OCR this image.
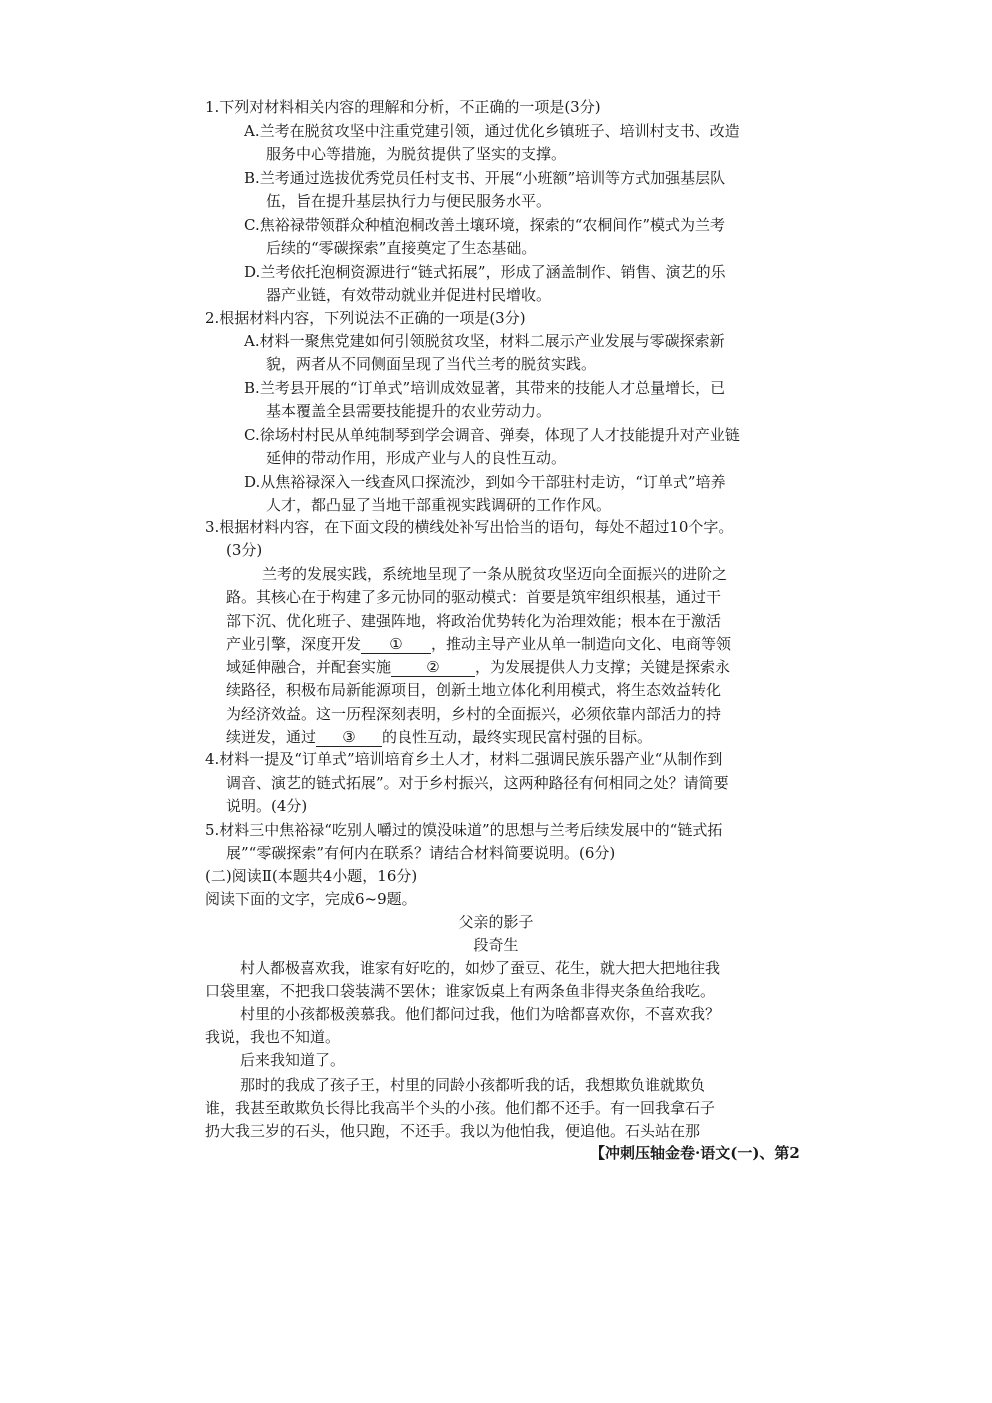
1.下列对材料相关内容的理解和分析，不正确的一项是(3分)
A.兰考在脱贫攻坚中注重党建引领，通过优化乡镇班子、培训村支书、改造
服务中心等措施，为脱贫提供了坚实的支撑。
B.兰考通过选拔优秀党员任村支书、开展“小班额”培训等方式加强基层队
伍，旨在提升基层执行力与便民服务水平。
C.焦裕禄带领群众种植泡桐改善土壤环境，探索的“农桐间作”模式为兰考
后续的“零碳探索”直接奠定了生态基础。
D.兰考依托泡桐资源进行“链式拓展”，形成了涵盖制作、销售、演艺的乐
器产业链，有效带动就业并促进村民增收。
2.根据材料内容，下列说法不正确的一项是(3分)
A.材料一聚焦党建如何引领脱贫攻坚，材料二展示产业发展与零碳探索新
貌，两者从不同侧面呈现了当代兰考的脱贫实践。
B.兰考县开展的“订单式”培训成效显著，其带来的技能人才总量增长，已
基本覆盖全县需要技能提升的农业劳动力。
C.徐场村村民从单纯制琴到学会调音、弹奏，体现了人才技能提升对产业链
延伸的带动作用，形成产业与人的良性互动。
D.从焦裕禄深入一线查风口探流沙，到如今干部驻村走访，“订单式”培养
人才，都凸显了当地干部重视实践调研的工作作风。
3.根据材料内容，在下面文段的横线处补写出恰当的语句，每处不超过10个字。
(3分)
兰考的发展实践，系统地呈现了一条从脱贫攻坚迈向全面振兴的进阶之
路。其核心在于构建了多元协同的驱动模式：首要是筑牢组织根基，通过干
部下沉、优化班子、建强阵地，将政治优势转化为治理效能；根本在于激活
产业引擎，深度开发 ① ，推动主导产业从单一制造向文化、电商等领
域延伸融合，并配套实施 ② ，为发展提供人力支撑；关键是探索永
续路径，积极布局新能源项目，创新土地立体化利用模式，将生态效益转化
为经济效益。这一历程深刻表明，乡村的全面振兴，必须依靠内部活力的持
续迸发，通过 ③ 的良性互动，最终实现民富村强的目标。
4.材料一提及“订单式”培训培育乡土人才，材料二强调民族乐器产业“从制作到
调音、演艺的链式拓展”。对于乡村振兴，这两种路径有何相同之处？请简要
说明。(4分)
5.材料三中焦裕禄“吃别人嚼过的馍没味道”的思想与兰考后续发展中的“链式拓
展”“零碳探索”有何内在联系？请结合材料简要说明。(6分)
(二)阅读Ⅱ(本题共4小题，16分)
阅读下面的文字，完成6~9题。
父亲的影子
段奇生
村人都极喜欢我，谁家有好吃的，如炒了蚕豆、花生，就大把大把地往我
口袋里塞，不把我口袋装满不罢休；谁家饭桌上有两条鱼非得夹条鱼给我吃。
村里的小孩都极羡慕我。他们都问过我，他们为啥都喜欢你，不喜欢我？
我说，我也不知道。
后来我知道了。
那时的我成了孩子王，村里的同龄小孩都听我的话，我想欺负谁就欺负
谁，我甚至敢欺负长得比我高半个头的小孩。他们都不还手。有一回我拿石子
扔大我三岁的石头，他只跑，不还手。我以为他怕我，便追他。石头站在那
【冲刺压轴金卷·语文(一)、第2
